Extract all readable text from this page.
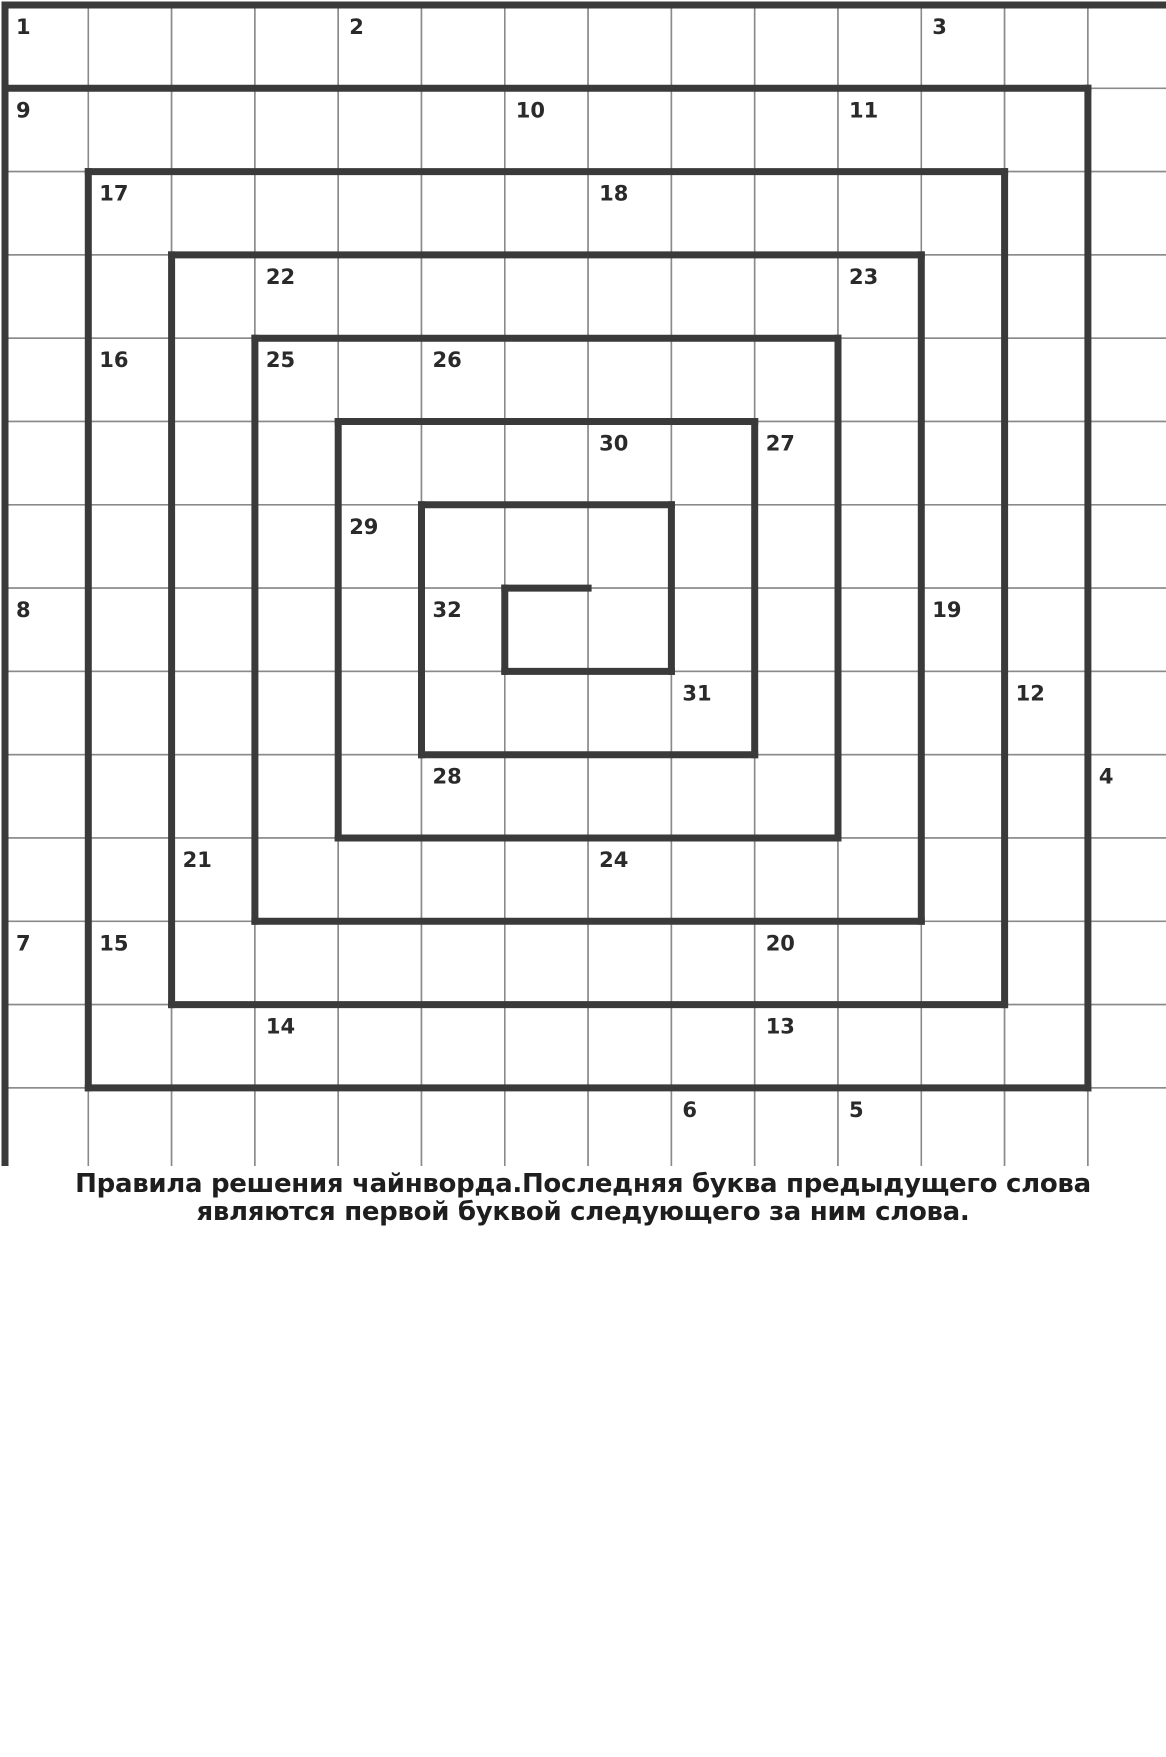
1	2	3
9	10	11
17	18
22	23
16	25	26
30	27
29
8	32	19
31	12
28	4
21	24
7	15	20
14	13
6	5
Правила решения чайнворда.Последняя буква предыдущего слова являются первой буквой следующего за ним слова.
